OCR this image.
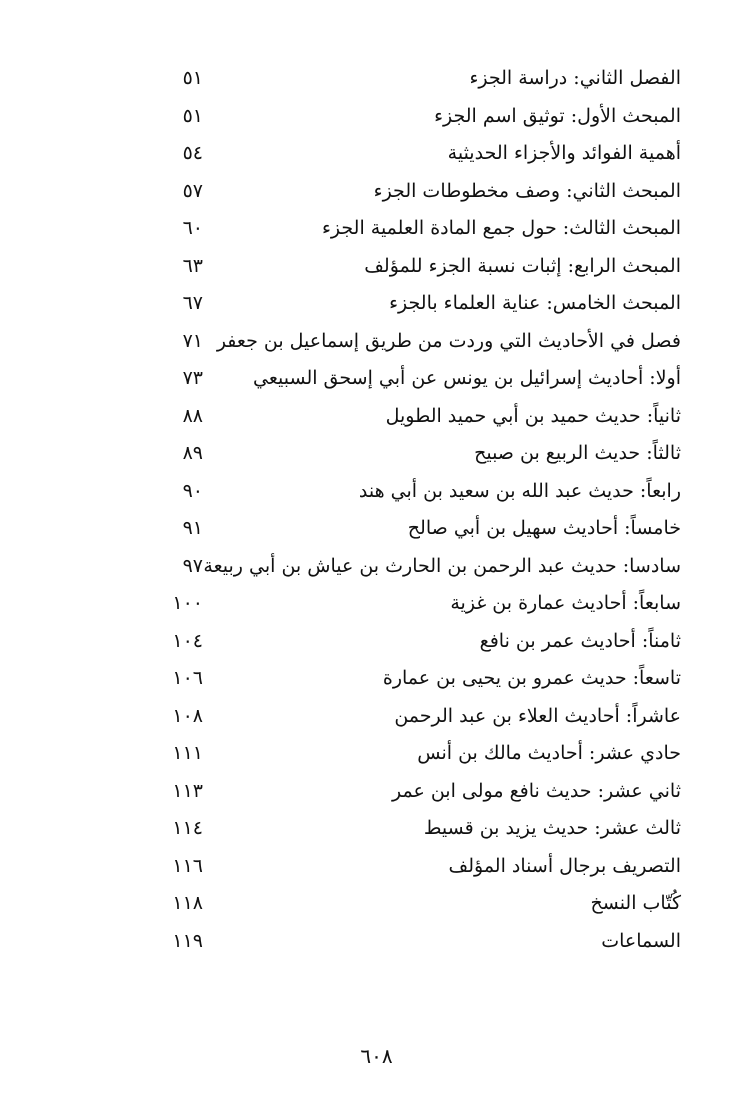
الفصل الثاني: دراسة الجزء
٥١
المبحث الأول: توثيق اسم الجزء
٥١
أهمية الفوائد والأجزاء الحديثية
٥٤
المبحث الثاني: وصف مخطوطات الجزء
٥٧
المبحث الثالث: حول جمع المادة العلمية الجزء
٦٠
المبحث الرابع: إثبات نسبة الجزء للمؤلف
٦٣
المبحث الخامس: عناية العلماء بالجزء
٦٧
فصل في الأحاديث التي وردت من طريق إسماعيل بن جعفر
٧١
أولا: أحاديث إسرائيل بن يونس عن أبي إسحق السبيعي
٧٣
ثانياً: حديث حميد بن أبي حميد الطويل
٨٨
ثالثاً: حديث الربيع بن صبيح
٨٩
رابعاً: حديث عبد الله بن سعيد بن أبي هند
٩٠
خامساً: أحاديث سهيل بن أبي صالح
٩١
سادسا: حديث عبد الرحمن بن الحارث بن عياش بن أبي ربيعة
٩٧
سابعاً: أحاديث عمارة بن غزية
١٠٠
ثامناً: أحاديث عمر بن نافع
١٠٤
تاسعاً: حديث عمرو بن يحيى بن عمارة
١٠٦
عاشراً: أحاديث العلاء بن عبد الرحمن
١٠٨
حادي عشر: أحاديث مالك بن أنس
١١١
ثاني عشر: حديث نافع مولى ابن عمر
١١٣
ثالث عشر: حديث يزيد بن قسيط
١١٤
التصريف برجال أسناد المؤلف
١١٦
كُتّاب النسخ
١١٨
السماعات
١١٩
٦٠٨
